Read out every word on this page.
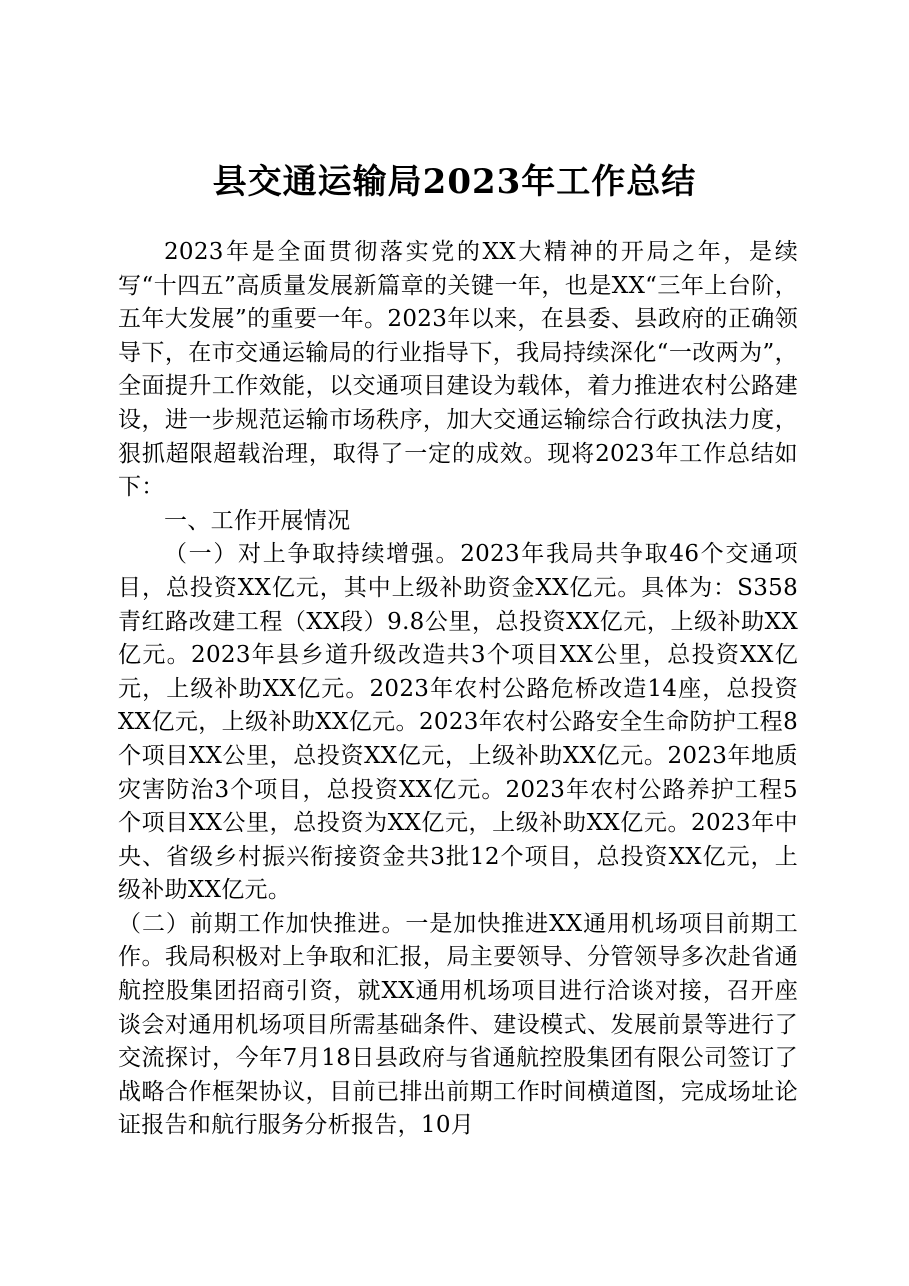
县交通运输局2023年工作总结

2023年是全面贯彻落实党的XX大精神的开局之年，是续写“十四五”高质量发展新篇章的关键一年，也是XX“三年上台阶，五年大发展”的重要一年。2023年以来，在县委、县政府的正确领导下，在市交通运输局的行业指导下，我局持续深化“一改两为”，全面提升工作效能，以交通项目建设为载体，着力推进农村公路建设，进一步规范运输市场秩序，加大交通运输综合行政执法力度，狠抓超限超载治理，取得了一定的成效。现将2023年工作总结如下：

一、工作开展情况

（一）对上争取持续增强。2023年我局共争取46个交通项目，总投资XX亿元，其中上级补助资金XX亿元。具体为：S358青红路改建工程（XX段）9.8公里，总投资XX亿元，上级补助XX亿元。2023年县乡道升级改造共3个项目XX公里，总投资XX亿元，上级补助XX亿元。2023年农村公路危桥改造14座，总投资XX亿元，上级补助XX亿元。2023年农村公路安全生命防护工程8个项目XX公里，总投资XX亿元，上级补助XX亿元。2023年地质灾害防治3个项目，总投资XX亿元。2023年农村公路养护工程5个项目XX公里，总投资为XX亿元，上级补助XX亿元。2023年中央、省级乡村振兴衔接资金共3批12个项目，总投资XX亿元，上级补助XX亿元。

（二）前期工作加快推进。一是加快推进XX通用机场项目前期工作。我局积极对上争取和汇报，局主要领导、分管领导多次赴省通航控股集团招商引资，就XX通用机场项目进行洽谈对接，召开座谈会对通用机场项目所需基础条件、建设模式、发展前景等进行了交流探讨，今年7月18日县政府与省通航控股集团有限公司签订了战略合作框架协议，目前已排出前期工作时间横道图，完成场址论证报告和航行服务分析报告，10月
